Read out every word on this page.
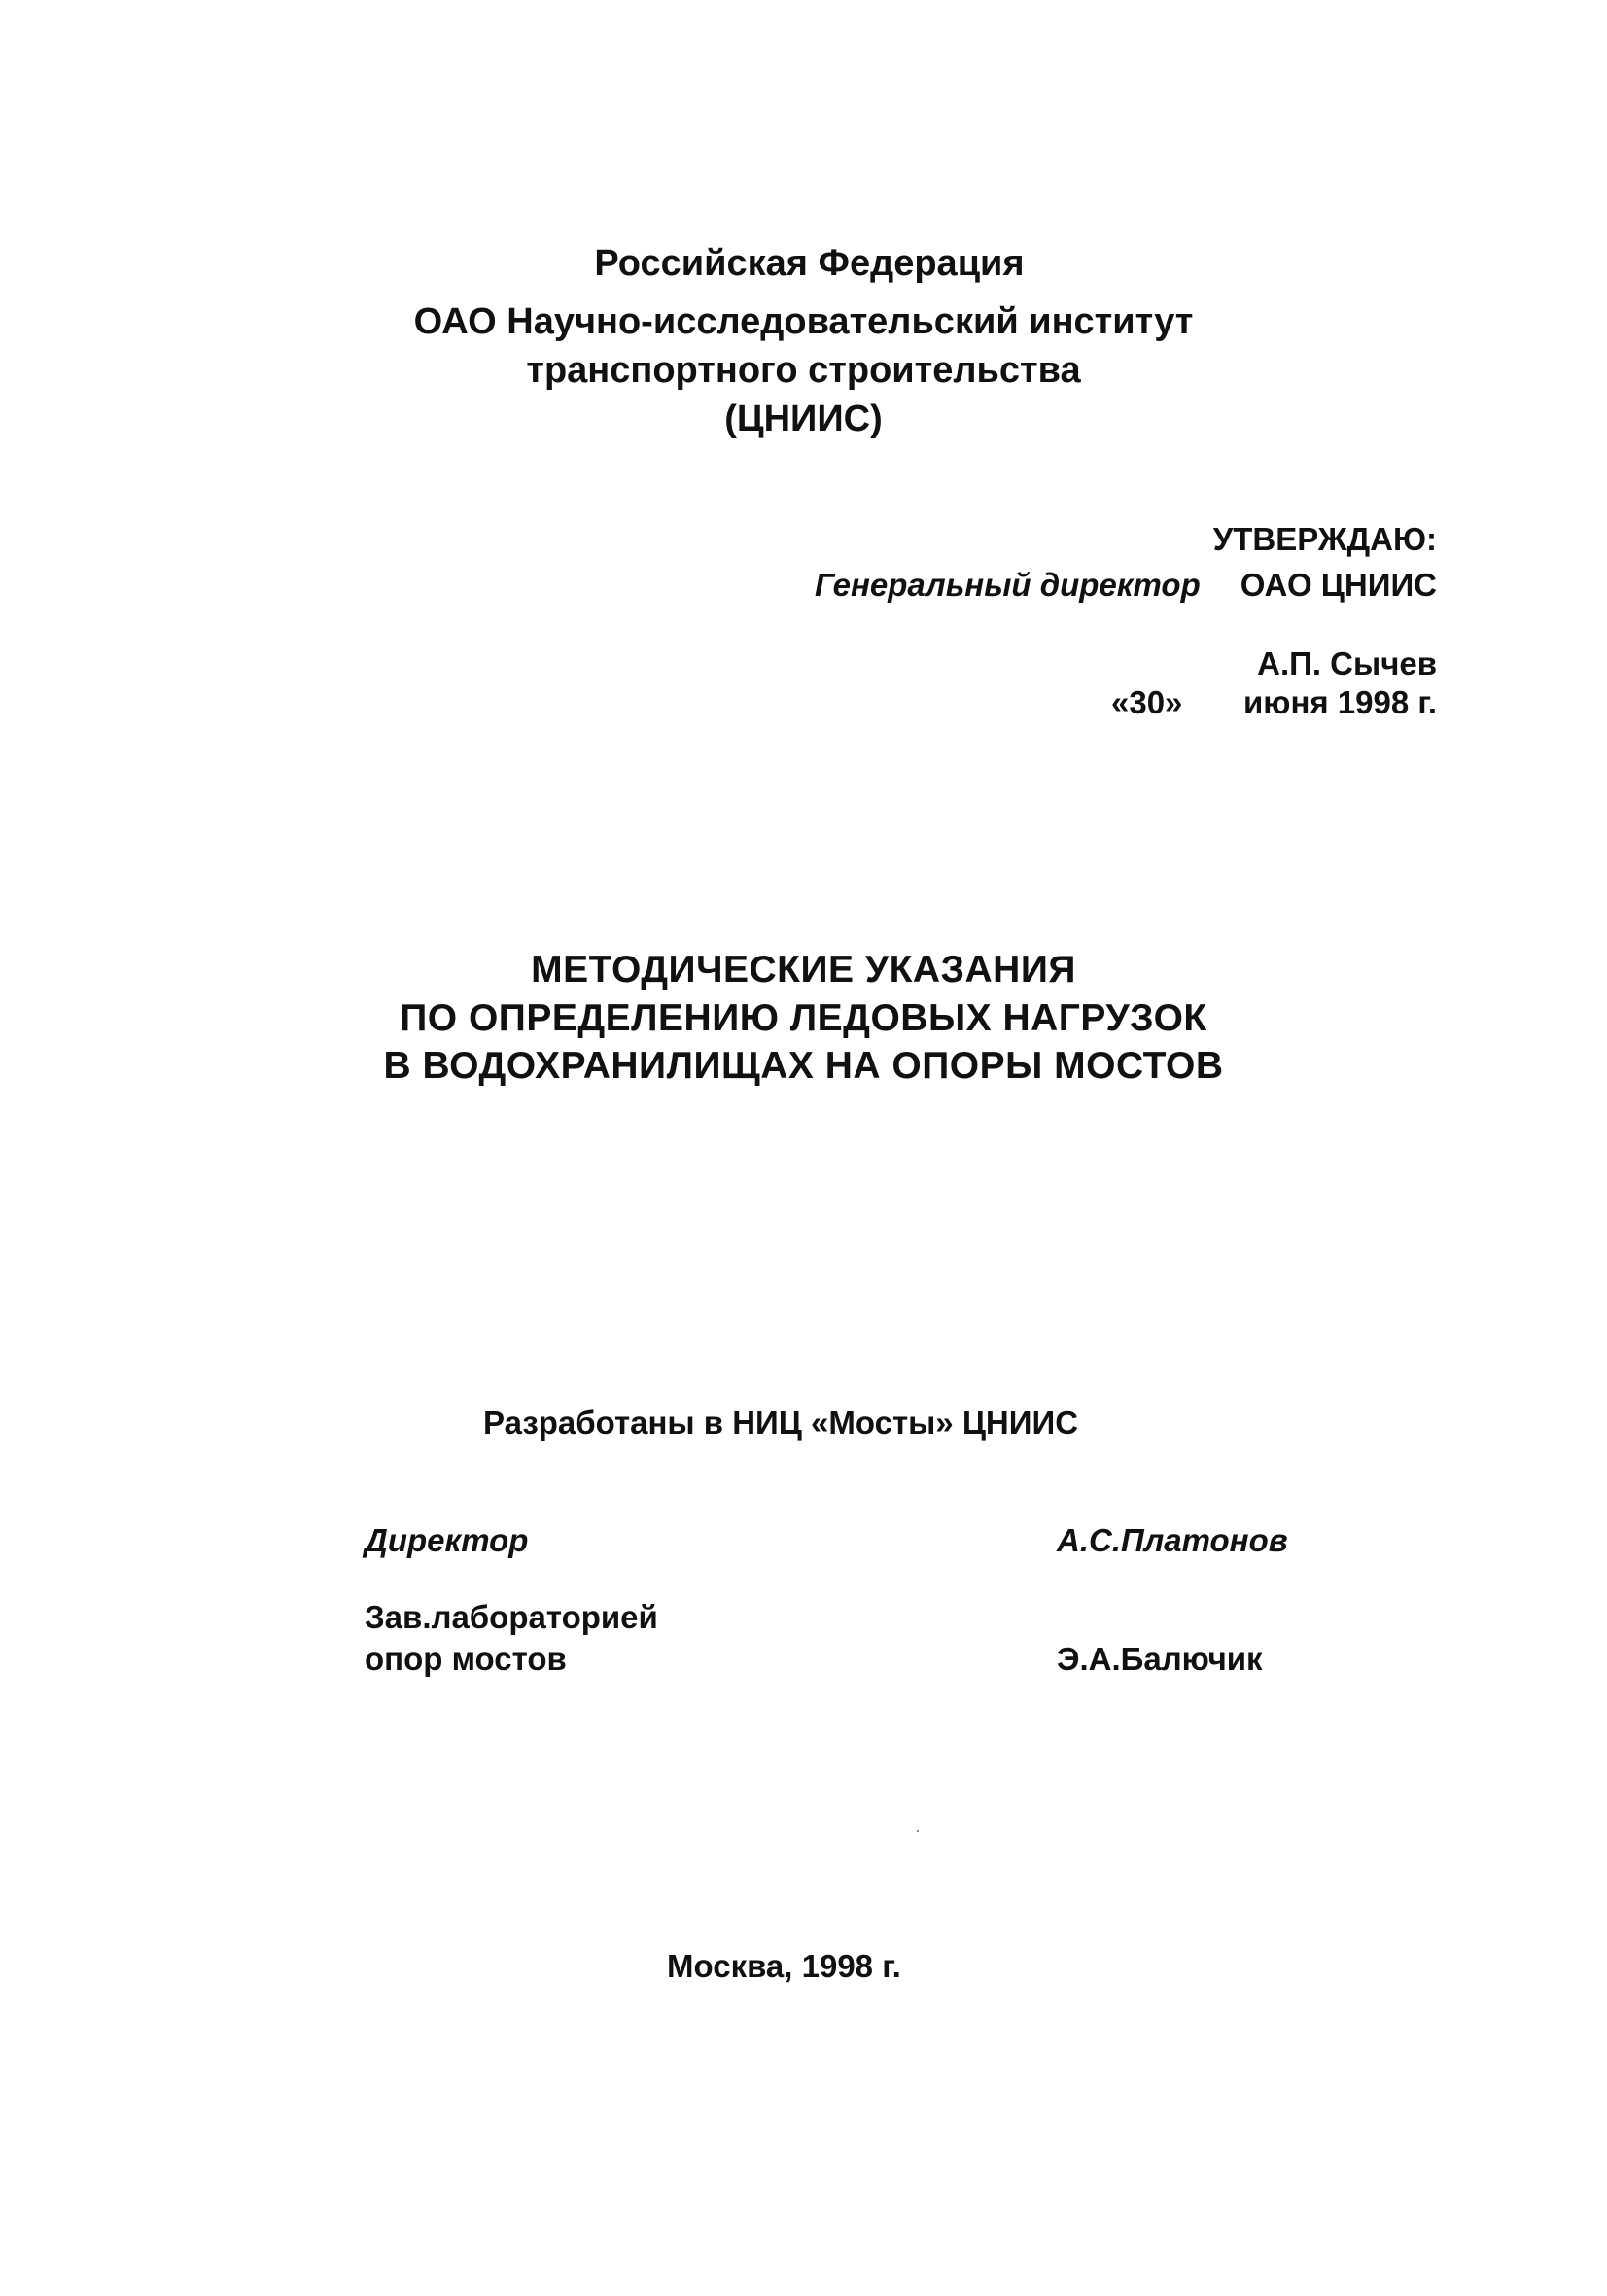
Российская Федерация
ОАО Научно-исследовательский институт
транспортного строительства
(ЦНИИС)
УТВЕРЖДАЮ:
Генеральный директор ОАО ЦНИИС
А.П. Сычев
«30» июня 1998 г.
МЕТОДИЧЕСКИЕ УКАЗАНИЯ
ПО ОПРЕДЕЛЕНИЮ ЛЕДОВЫХ НАГРУЗОК
В ВОДОХРАНИЛИЩАХ НА ОПОРЫ МОСТОВ
Разработаны в НИЦ «Мосты» ЦНИИС
Директор	А.С.Платонов
Зав.лабораторией
опор мостов	Э.А.Балючик
Москва, 1998 г.
